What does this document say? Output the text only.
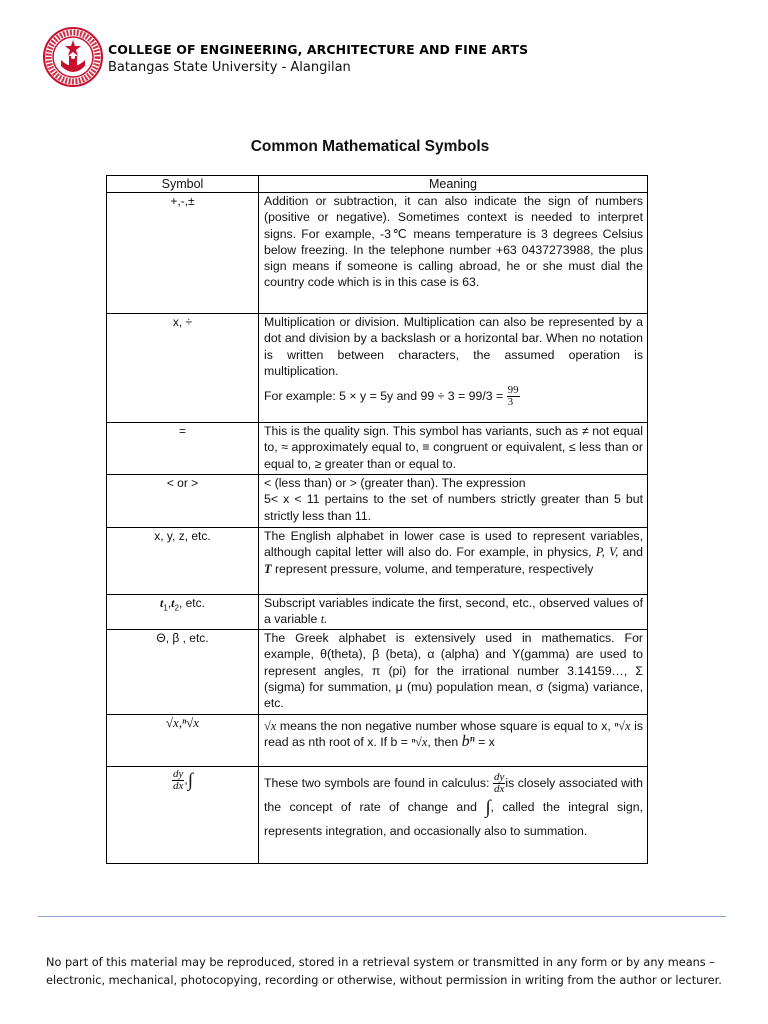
COLLEGE OF ENGINEERING, ARCHITECTURE AND FINE ARTS
Batangas State University - Alangilan
Common Mathematical Symbols
Symbol	Meaning
+,-,±	Addition or subtraction, it can also indicate the sign of numbers (positive or negative). Sometimes context is needed to interpret signs. For example, -3℃ means temperature is 3 degrees Celsius below freezing. In the telephone number +63 0437273988, the plus sign means if someone is calling abroad, he or she must dial the country code which is in this case is 63.
x, ÷	Multiplication or division. Multiplication can also be represented by a dot and division by a backslash or a horizontal bar. When no notation is written between characters, the assumed operation is multiplication.
For example: 5 × y = 5y and $99 \div 3 = 99/3 = \frac{99}{3}$

=	This is the quality sign. This symbol has variants, such as ≠ not equal to, ≈ approximately equal to, ≡ congruent or equivalent, ≤ less than or equal to, ≥ greater than or equal to.
< or >	< (less than) or > (greater than). The expression
5< x < 11 pertains to the set of numbers strictly greater than 5 but strictly less than 11.

x, y, z, etc.	The English alphabet in lower case is used to represent variables, although capital letter will also do. For example, in physics, P, V, and T represent pressure, volume, and temperature, respectively
$t_1,t_2$, etc.	Subscript variables indicate the first, second, etc., observed values of a variable t.
Θ, β , etc.	The Greek alphabet is extensively used in mathematics. For example, θ(theta), β (beta), α (alpha) and Υ(gamma) are used to represent angles, π (pi) for the irrational number 3.14159…, Σ (sigma) for summation, μ (mu) population mean, σ (sigma) variance, etc.
√x,ⁿ√x	√x means the non negative number whose square is equal to x, ⁿ√x is read as nth root of x. If b = ⁿ√x, then bⁿ = x

$\frac{dy}{dx}$ ,∫	These two symbols are found in calculus: $\frac{dy}{dx}$ is closely associated with the concept of rate of change and ∫, called the integral sign, represents integration, and occasionally also to summation.
No part of this material may be reproduced, stored in a retrieval system or transmitted in any form or by any means – electronic, mechanical, photocopying, recording or otherwise, without permission in writing from the author or lecturer.
